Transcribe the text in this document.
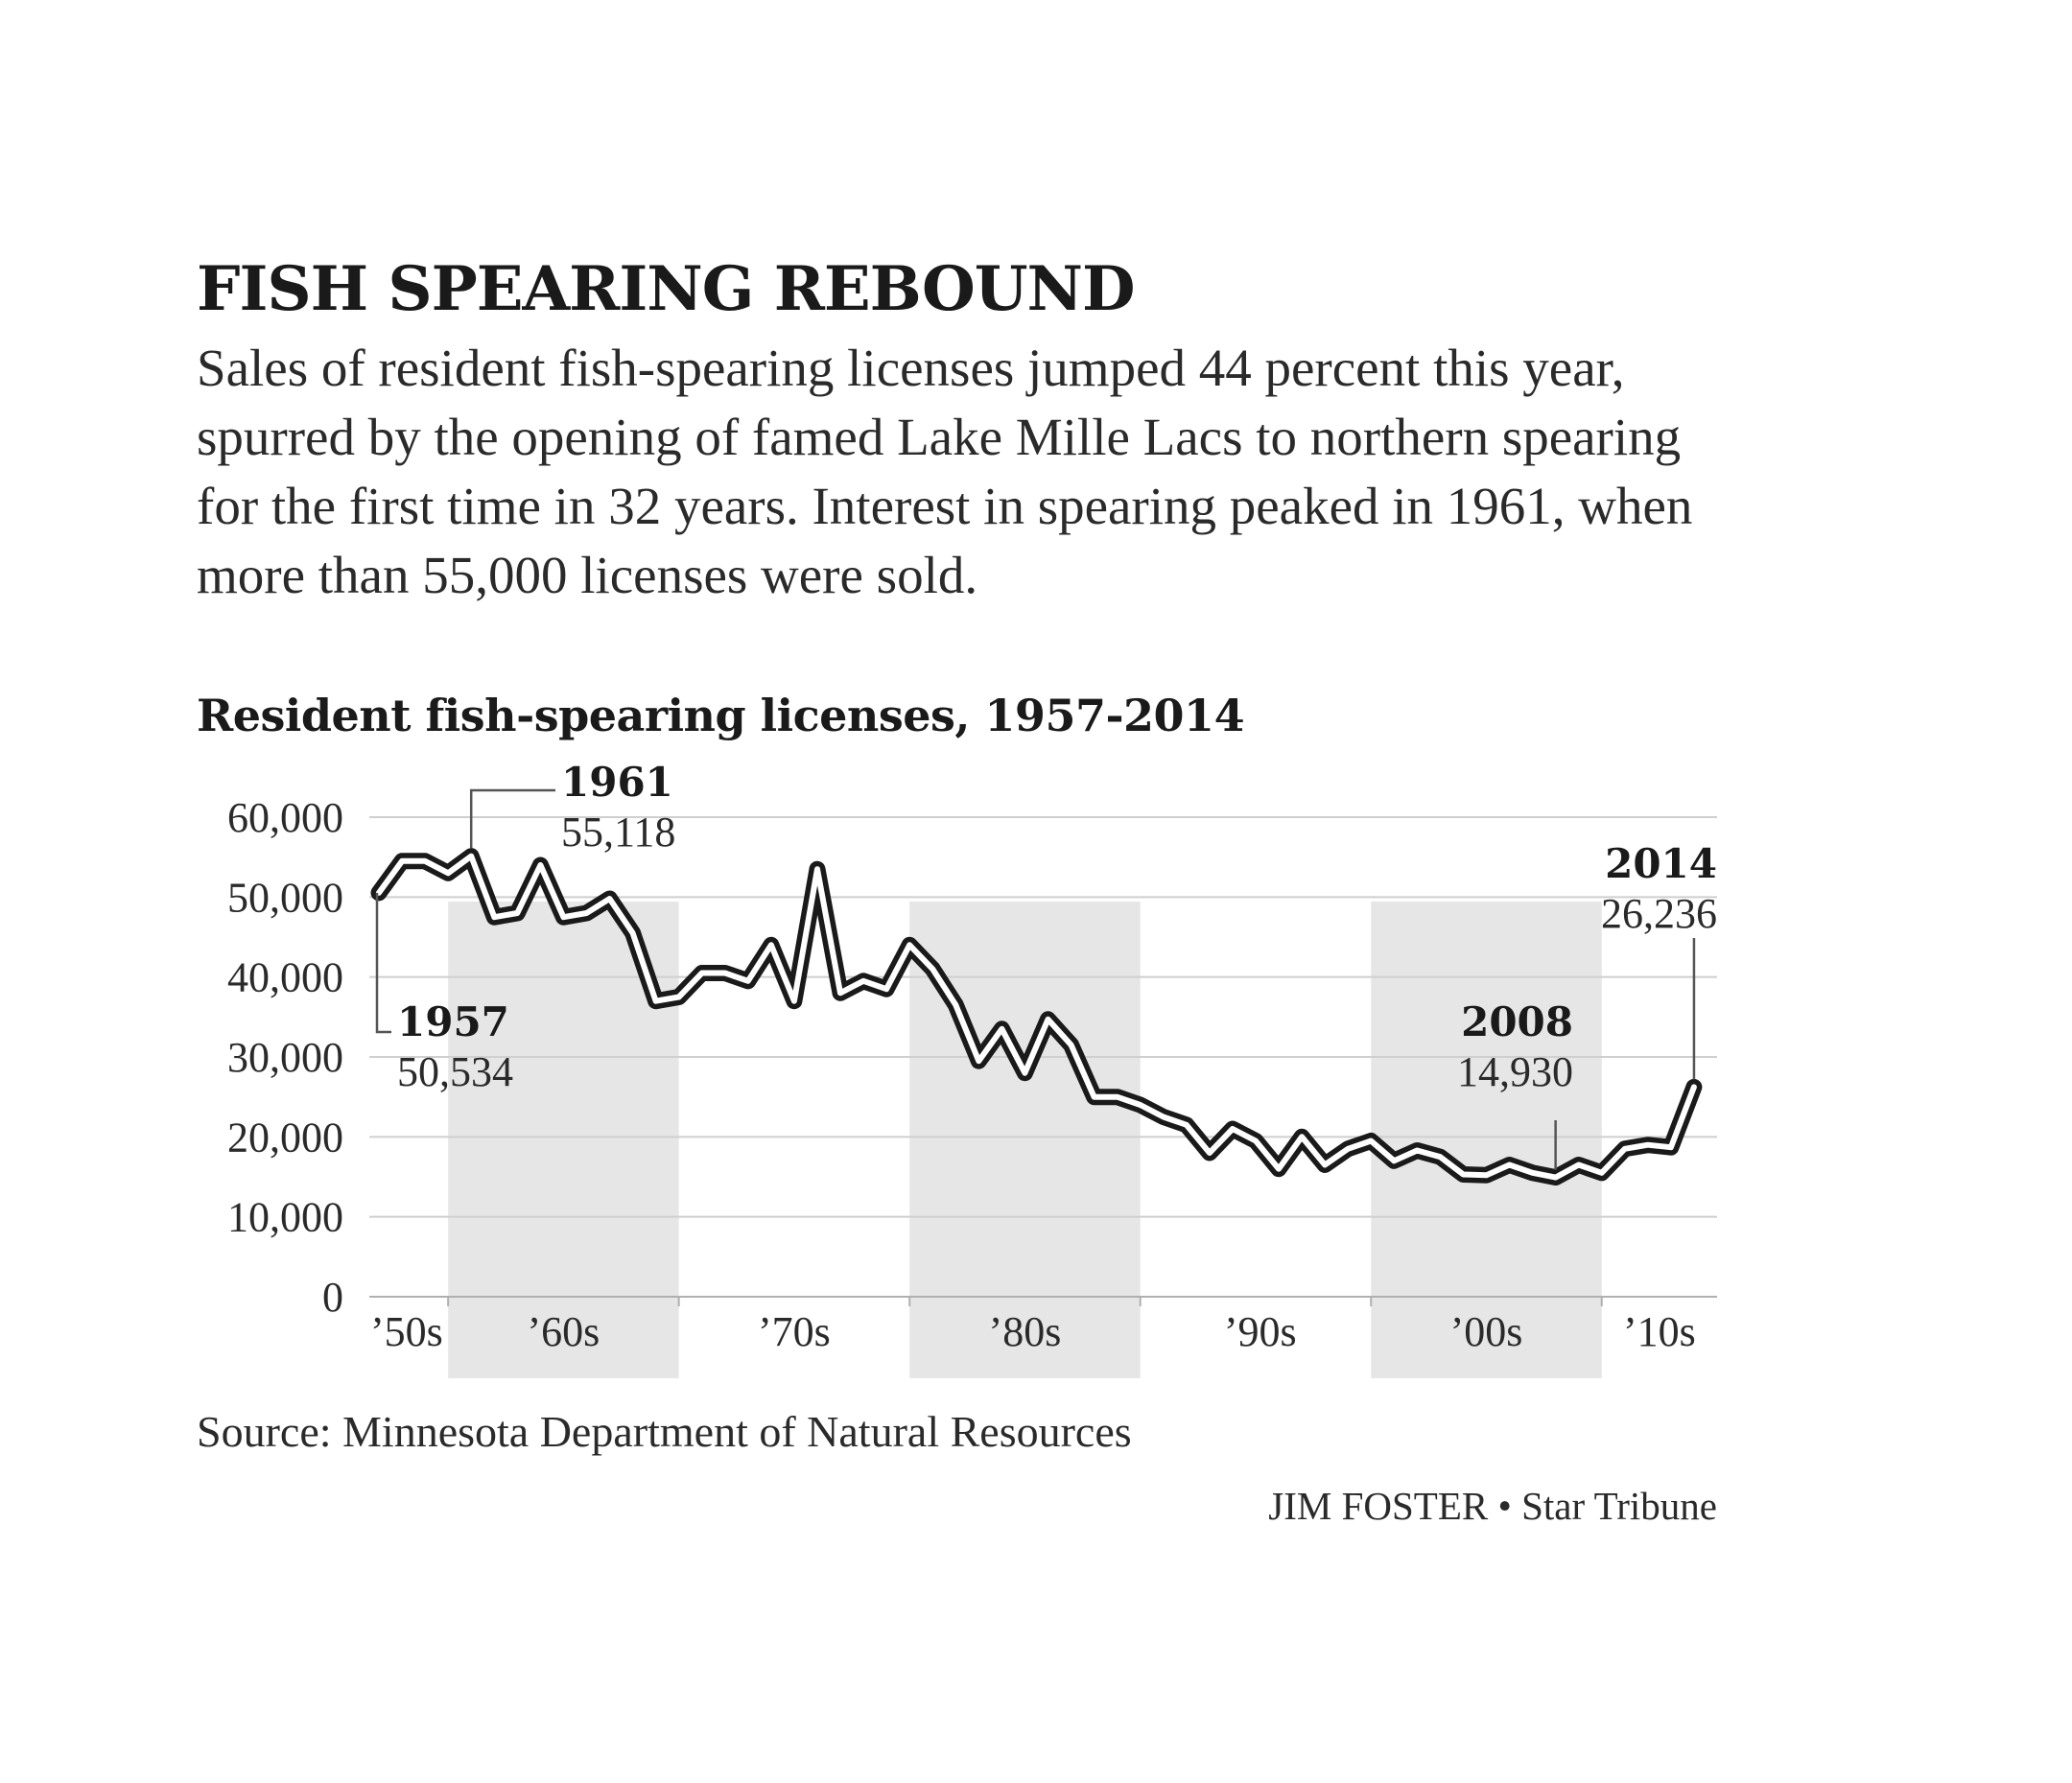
FISH SPEARING REBOUND

Sales of resident fish-spearing licenses jumped 44 percent this year, spurred by the opening of famed Lake Mille Lacs to northern spearing for the first time in 32 years. Interest in spearing peaked in 1961, when more than 55,000 licenses were sold.

Resident fish-spearing licenses, 1957-2014
0
10,000
20,000
30,000
40,000
50,000
60,000
’50s ’60s	’70s	’80s	’90s	’00s ’10s
1957
50,534
1961
55,118
2008
14,930
2014
26,236

Source: Minnesota Department of Natural Resources

JIM FOSTER • Star Tribune
